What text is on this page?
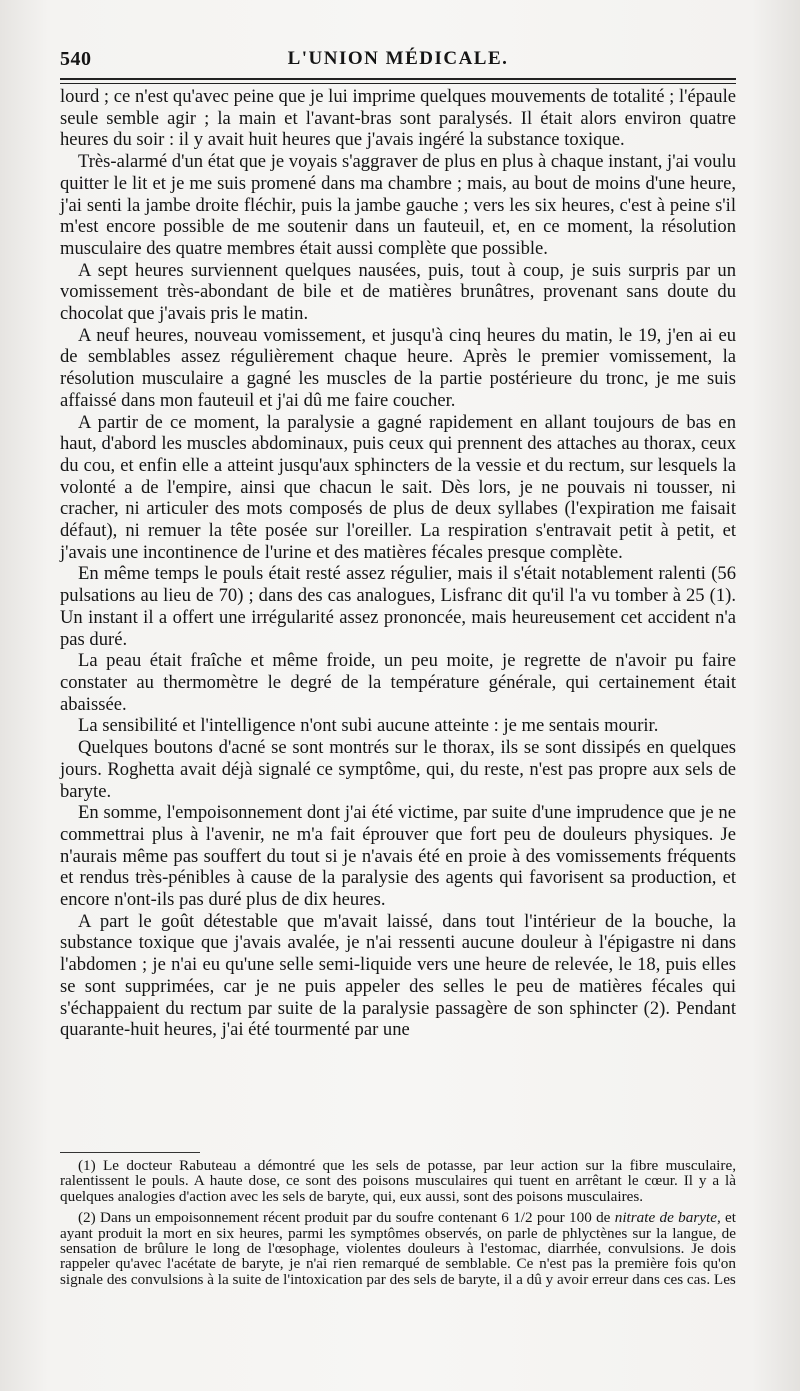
540	L'UNION MÉDICALE.

lourd ; ce n'est qu'avec peine que je lui imprime quelques mouvements de totalité ; l'épaule seule semble agir ; la main et l'avant-bras sont paralysés. Il était alors environ quatre heures du soir : il y avait huit heures que j'avais ingéré la substance toxique.

Très-alarmé d'un état que je voyais s'aggraver de plus en plus à chaque instant, j'ai voulu quitter le lit et je me suis promené dans ma chambre ; mais, au bout de moins d'une heure, j'ai senti la jambe droite fléchir, puis la jambe gauche ; vers les six heures, c'est à peine s'il m'est encore possible de me soutenir dans un fauteuil, et, en ce moment, la résolution musculaire des quatre membres était aussi complète que possible.

A sept heures surviennent quelques nausées, puis, tout à coup, je suis surpris par un vomissement très-abondant de bile et de matières brunâtres, provenant sans doute du chocolat que j'avais pris le matin.

A neuf heures, nouveau vomissement, et jusqu'à cinq heures du matin, le 19, j'en ai eu de semblables assez régulièrement chaque heure. Après le premier vomissement, la résolution musculaire a gagné les muscles de la partie postérieure du tronc, je me suis affaissé dans mon fauteuil et j'ai dû me faire coucher.

A partir de ce moment, la paralysie a gagné rapidement en allant toujours de bas en haut, d'abord les muscles abdominaux, puis ceux qui prennent des attaches au thorax, ceux du cou, et enfin elle a atteint jusqu'aux sphincters de la vessie et du rectum, sur lesquels la volonté a de l'empire, ainsi que chacun le sait. Dès lors, je ne pouvais ni tousser, ni cracher, ni articuler des mots composés de plus de deux syllabes (l'expiration me faisait défaut), ni remuer la tête posée sur l'oreiller. La respiration s'entravait petit à petit, et j'avais une incontinence de l'urine et des matières fécales presque complète.

En même temps le pouls était resté assez régulier, mais il s'était notablement ralenti (56 pulsations au lieu de 70) ; dans des cas analogues, Lisfranc dit qu'il l'a vu tomber à 25 (1). Un instant il a offert une irrégularité assez prononcée, mais heureusement cet accident n'a pas duré.

La peau était fraîche et même froide, un peu moite, je regrette de n'avoir pu faire constater au thermomètre le degré de la température générale, qui certainement était abaissée.

La sensibilité et l'intelligence n'ont subi aucune atteinte : je me sentais mourir.

Quelques boutons d'acné se sont montrés sur le thorax, ils se sont dissipés en quelques jours. Roghetta avait déjà signalé ce symptôme, qui, du reste, n'est pas propre aux sels de baryte.

En somme, l'empoisonnement dont j'ai été victime, par suite d'une imprudence que je ne commettrai plus à l'avenir, ne m'a fait éprouver que fort peu de douleurs physiques. Je n'aurais même pas souffert du tout si je n'avais été en proie à des vomissements fréquents et rendus très-pénibles à cause de la paralysie des agents qui favorisent sa production, et encore n'ont-ils pas duré plus de dix heures.

A part le goût détestable que m'avait laissé, dans tout l'intérieur de la bouche, la substance toxique que j'avais avalée, je n'ai ressenti aucune douleur à l'épigastre ni dans l'abdomen ; je n'ai eu qu'une selle semi-liquide vers une heure de relevée, le 18, puis elles se sont supprimées, car je ne puis appeler des selles le peu de matières fécales qui s'échappaient du rectum par suite de la paralysie passagère de son sphincter (2). Pendant quarante-huit heures, j'ai été tourmenté par une

(1) Le docteur Rabuteau a démontré que les sels de potasse, par leur action sur la fibre musculaire, ralentissent le pouls. A haute dose, ce sont des poisons musculaires qui tuent en arrêtant le cœur. Il y a là quelques analogies d'action avec les sels de baryte, qui, eux aussi, sont des poisons musculaires.

(2) Dans un empoisonnement récent produit par du soufre contenant 6 1/2 pour 100 de nitrate de baryte, et ayant produit la mort en six heures, parmi les symptômes observés, on parle de phlyctènes sur la langue, de sensation de brûlure le long de l'œsophage, violentes douleurs à l'estomac, diarrhée, convulsions. Je dois rappeler qu'avec l'acétate de baryte, je n'ai rien remarqué de semblable. Ce n'est pas la première fois qu'on signale des convulsions à la suite de l'intoxication par des sels de baryte, il a dû y avoir erreur dans ces cas. Les
